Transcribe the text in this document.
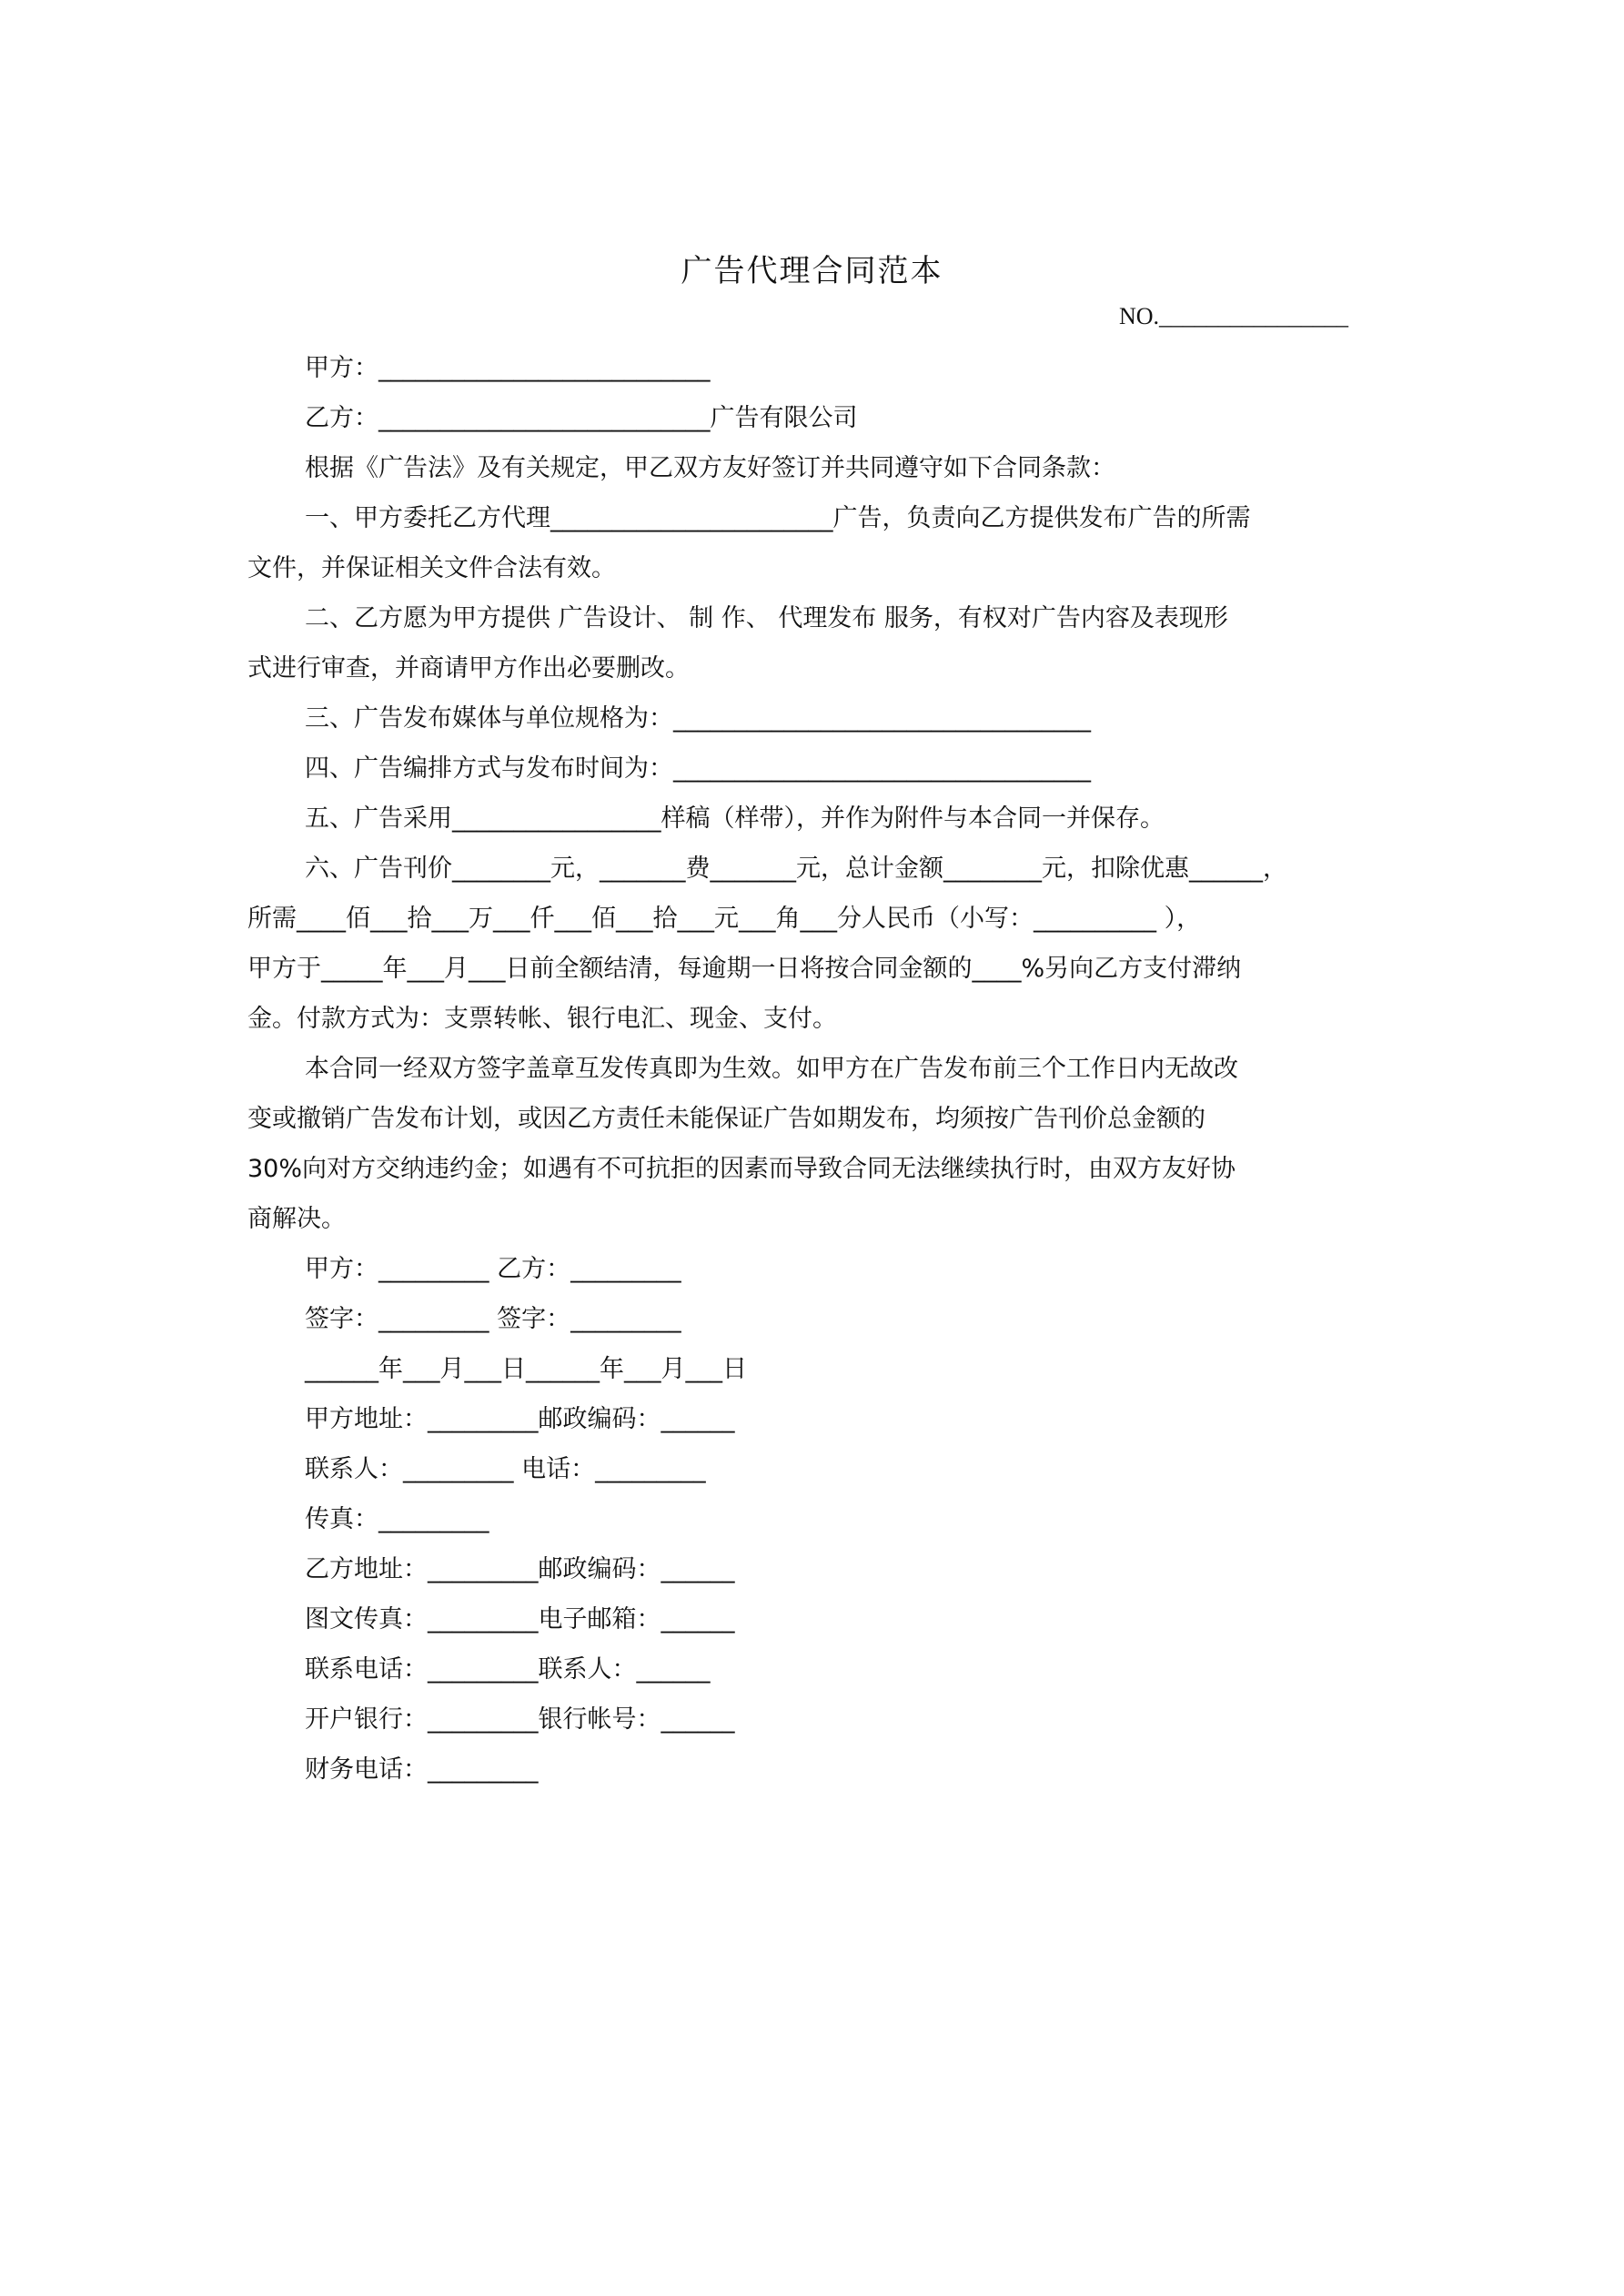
广告代理合同范本
NO.________________
甲方：___________________________
乙方：___________________________广告有限公司
根据《广告法》及有关规定，甲乙双方友好签订并共同遵守如下合同条款：
一、甲方委托乙方代理_______________________广告，负责向乙方提供发布广告的所需
文件，并保证相关文件合法有效。
二、乙方愿为甲方提供 广告设计、 制 作、 代理发布 服务，有权对广告内容及表现形
式进行审查，并商请甲方作出必要删改。
三、广告发布媒体与单位规格为：__________________________________
四、广告编排方式与发布时间为：__________________________________
五、广告采用_________________样稿（样带），并作为附件与本合同一并保存。
六、广告刊价________元，_______费_______元，总计金额________元，扣除优惠______，
所需____佰___拾___万___仟___佰___拾___元___角___分人民币（小写：__________ ），
甲方于_____年___月___日前全额结清，每逾期一日将按合同金额的____%另向乙方支付滞纳
金。付款方式为：支票转帐、银行电汇、现金、支付。
本合同一经双方签字盖章互发传真即为生效。如甲方在广告发布前三个工作日内无故改
变或撤销广告发布计划，或因乙方责任未能保证广告如期发布，均须按广告刊价总金额的
30%向对方交纳违约金；如遇有不可抗拒的因素而导致合同无法继续执行时，由双方友好协
商解决。
甲方：_________ 乙方：_________
签字：_________ 签字：_________
______年___月___日______年___月___日
甲方地址：_________邮政编码：______
联系人：_________ 电话：_________
传真：_________
乙方地址：_________邮政编码：______
图文传真：_________电子邮箱：______
联系电话：_________联系人：______
开户银行：_________银行帐号：______
财务电话：_________
